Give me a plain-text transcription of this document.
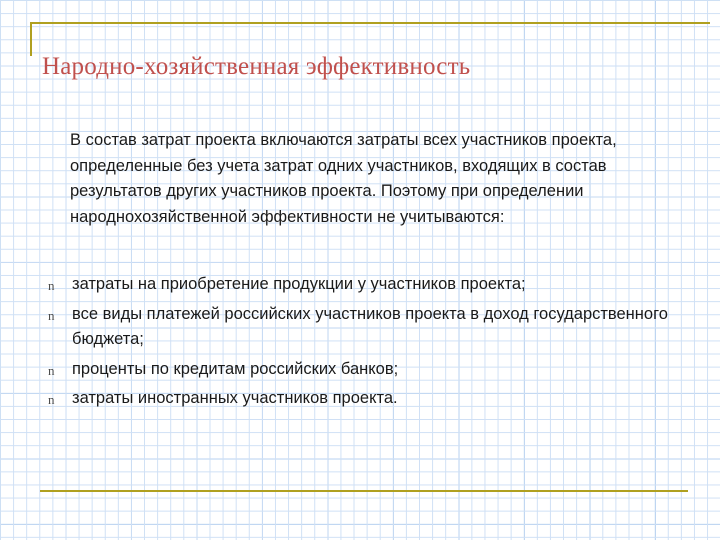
Народно-хозяйственная эффективность
В состав затрат проекта включаются затраты всех участников проекта, определенные без учета затрат одних участников, входящих в состав результатов других участников проекта. Поэтому при определении народнохозяйственной эффективности не учитываются:
n затраты на приобретение продукции у участников проекта;
n все виды платежей российских участников проекта в доход государственного бюджета;
n проценты по кредитам российских банков;
n затраты иностранных участников проекта.
